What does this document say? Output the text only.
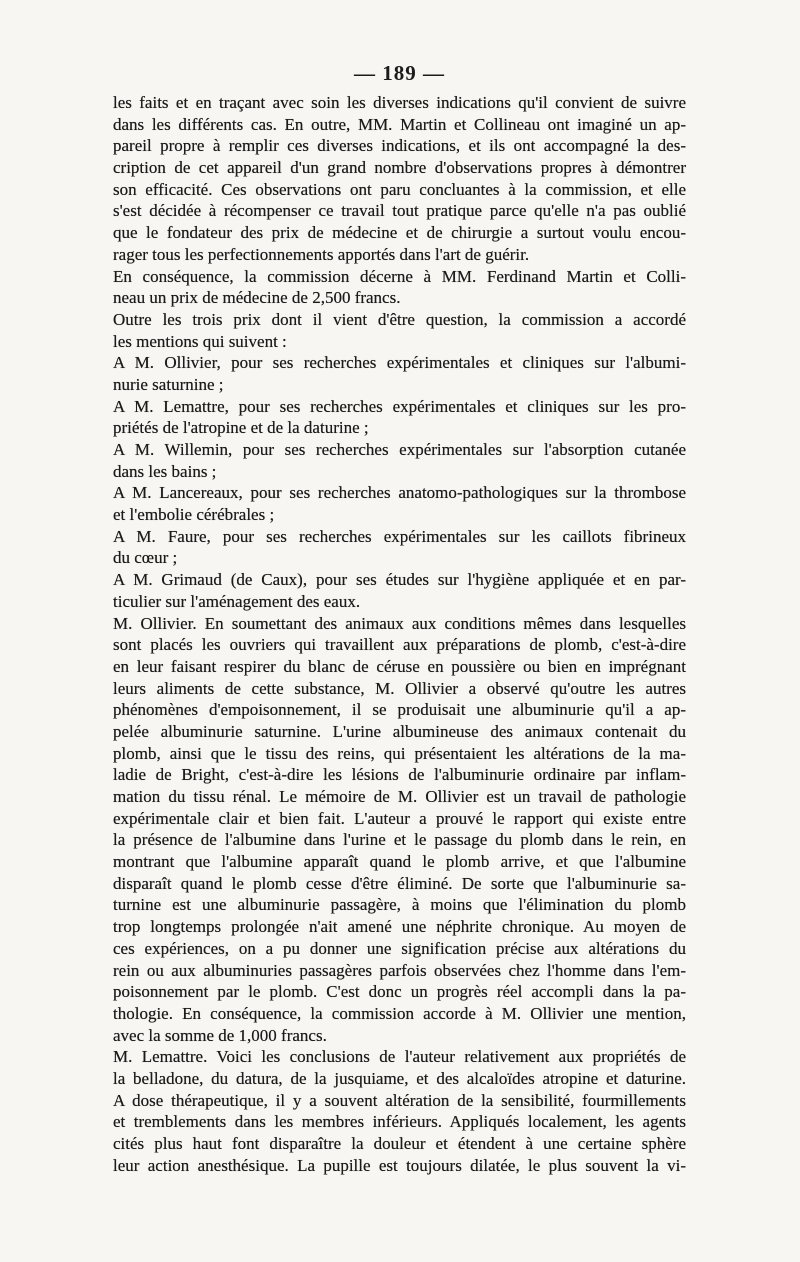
— 189 —
les faits et en traçant avec soin les diverses indications qu'il convient de suivre
dans les différents cas. En outre, MM. Martin et Collineau ont imaginé un ap-
pareil propre à remplir ces diverses indications, et ils ont accompagné la des-
cription de cet appareil d'un grand nombre d'observations propres à démontrer
son efficacité. Ces observations ont paru concluantes à la commission, et elle
s'est décidée à récompenser ce travail tout pratique parce qu'elle n'a pas oublié
que le fondateur des prix de médecine et de chirurgie a surtout voulu encou-
rager tous les perfectionnements apportés dans l'art de guérir.
En conséquence, la commission décerne à MM. Ferdinand Martin et Colli-
neau un prix de médecine de 2,500 francs.
Outre les trois prix dont il vient d'être question, la commission a accordé
les mentions qui suivent :
A M. Ollivier, pour ses recherches expérimentales et cliniques sur l'albumi-
nurie saturnine ;
A M. Lemattre, pour ses recherches expérimentales et cliniques sur les pro-
priétés de l'atropine et de la daturine ;
A M. Willemin, pour ses recherches expérimentales sur l'absorption cutanée
dans les bains ;
A M. Lancereaux, pour ses recherches anatomo-pathologiques sur la thrombose
et l'embolie cérébrales ;
A M. Faure, pour ses recherches expérimentales sur les caillots fibrineux
du cœur ;
A M. Grimaud (de Caux), pour ses études sur l'hygiène appliquée et en par-
ticulier sur l'aménagement des eaux.
M. Ollivier. En soumettant des animaux aux conditions mêmes dans lesquelles
sont placés les ouvriers qui travaillent aux préparations de plomb, c'est-à-dire
en leur faisant respirer du blanc de céruse en poussière ou bien en imprégnant
leurs aliments de cette substance, M. Ollivier a observé qu'outre les autres
phénomènes d'empoisonnement, il se produisait une albuminurie qu'il a ap-
pelée albuminurie saturnine. L'urine albumineuse des animaux contenait du
plomb, ainsi que le tissu des reins, qui présentaient les altérations de la ma-
ladie de Bright, c'est-à-dire les lésions de l'albuminurie ordinaire par inflam-
mation du tissu rénal. Le mémoire de M. Ollivier est un travail de pathologie
expérimentale clair et bien fait. L'auteur a prouvé le rapport qui existe entre
la présence de l'albumine dans l'urine et le passage du plomb dans le rein, en
montrant que l'albumine apparaît quand le plomb arrive, et que l'albumine
disparaît quand le plomb cesse d'être éliminé. De sorte que l'albuminurie sa-
turnine est une albuminurie passagère, à moins que l'élimination du plomb
trop longtemps prolongée n'ait amené une néphrite chronique. Au moyen de
ces expériences, on a pu donner une signification précise aux altérations du
rein ou aux albuminuries passagères parfois observées chez l'homme dans l'em-
poisonnement par le plomb. C'est donc un progrès réel accompli dans la pa-
thologie. En conséquence, la commission accorde à M. Ollivier une mention,
avec la somme de 1,000 francs.
M. Lemattre. Voici les conclusions de l'auteur relativement aux propriétés de
la belladone, du datura, de la jusquiame, et des alcaloïdes atropine et daturine.
A dose thérapeutique, il y a souvent altération de la sensibilité, fourmillements
et tremblements dans les membres inférieurs. Appliqués localement, les agents
cités plus haut font disparaître la douleur et étendent à une certaine sphère
leur action anesthésique. La pupille est toujours dilatée, le plus souvent la vi-
